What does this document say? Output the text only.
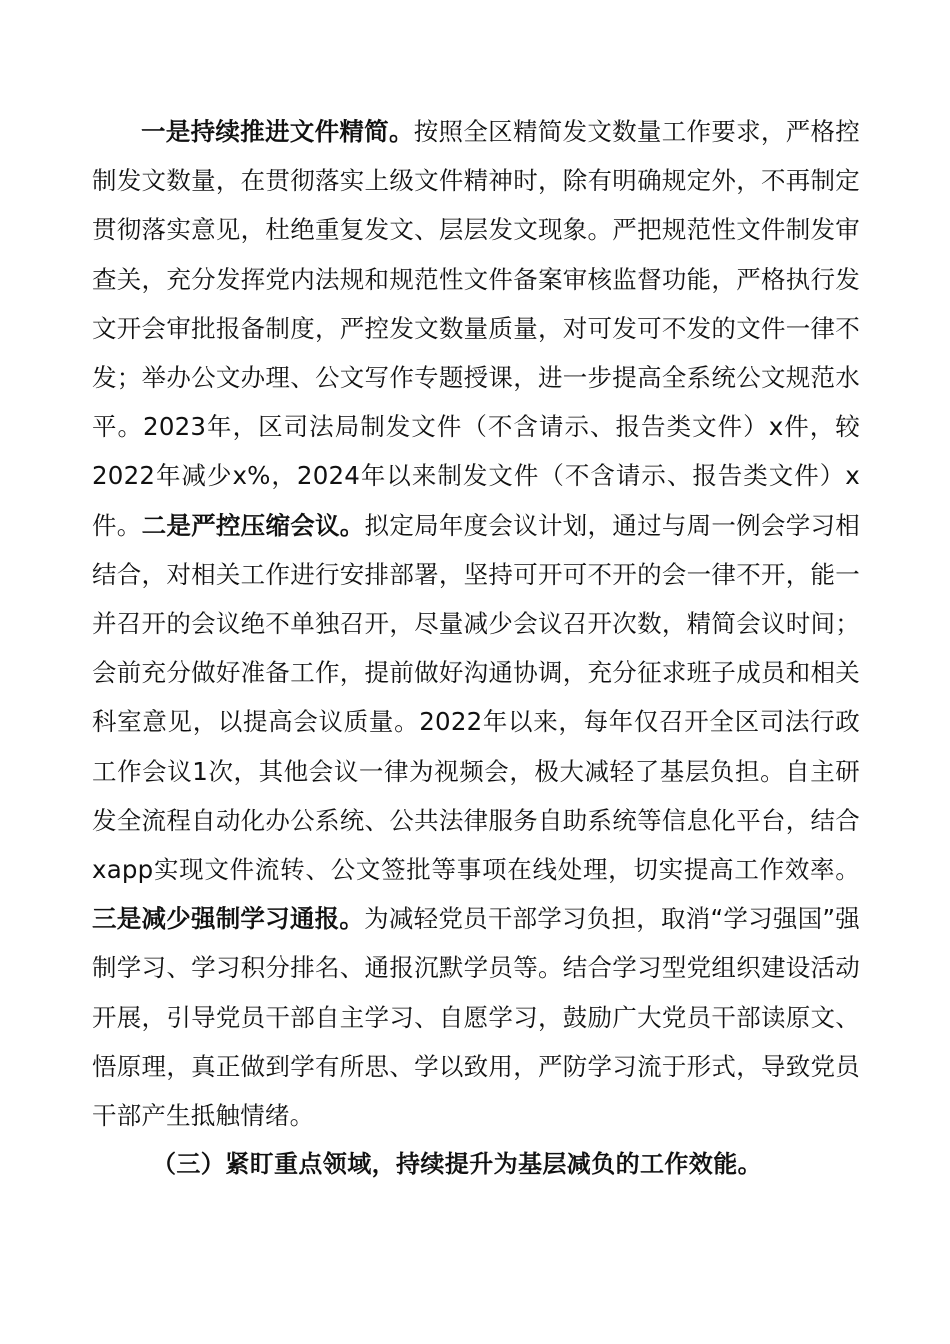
一是持续推进文件精简。按照全区精简发文数量工作要求，严格控制发文数量，在贯彻落实上级文件精神时，除有明确规定外，不再制定贯彻落实意见，杜绝重复发文、层层发文现象。严把规范性文件制发审查关，充分发挥党内法规和规范性文件备案审核监督功能，严格执行发文开会审批报备制度，严控发文数量质量，对可发可不发的文件一律不发；举办公文办理、公文写作专题授课，进一步提高全系统公文规范水平。2023年，区司法局制发文件（不含请示、报告类文件）x件，较2022年减少x%，2024年以来制发文件（不含请示、报告类文件）x件。二是严控压缩会议。拟定局年度会议计划，通过与周一例会学习相结合，对相关工作进行安排部署，坚持可开可不开的会一律不开，能一并召开的会议绝不单独召开，尽量减少会议召开次数，精简会议时间；会前充分做好准备工作，提前做好沟通协调，充分征求班子成员和相关科室意见，以提高会议质量。2022年以来，每年仅召开全区司法行政工作会议1次，其他会议一律为视频会，极大减轻了基层负担。自主研发全流程自动化办公系统、公共法律服务自助系统等信息化平台，结合xapp实现文件流转、公文签批等事项在线处理，切实提高工作效率。三是减少强制学习通报。为减轻党员干部学习负担，取消“学习强国”强制学习、学习积分排名、通报沉默学员等。结合学习型党组织建设活动开展，引导党员干部自主学习、自愿学习，鼓励广大党员干部读原文、悟原理，真正做到学有所思、学以致用，严防学习流于形式，导致党员干部产生抵触情绪。

（三）紧盯重点领域，持续提升为基层减负的工作效能。
